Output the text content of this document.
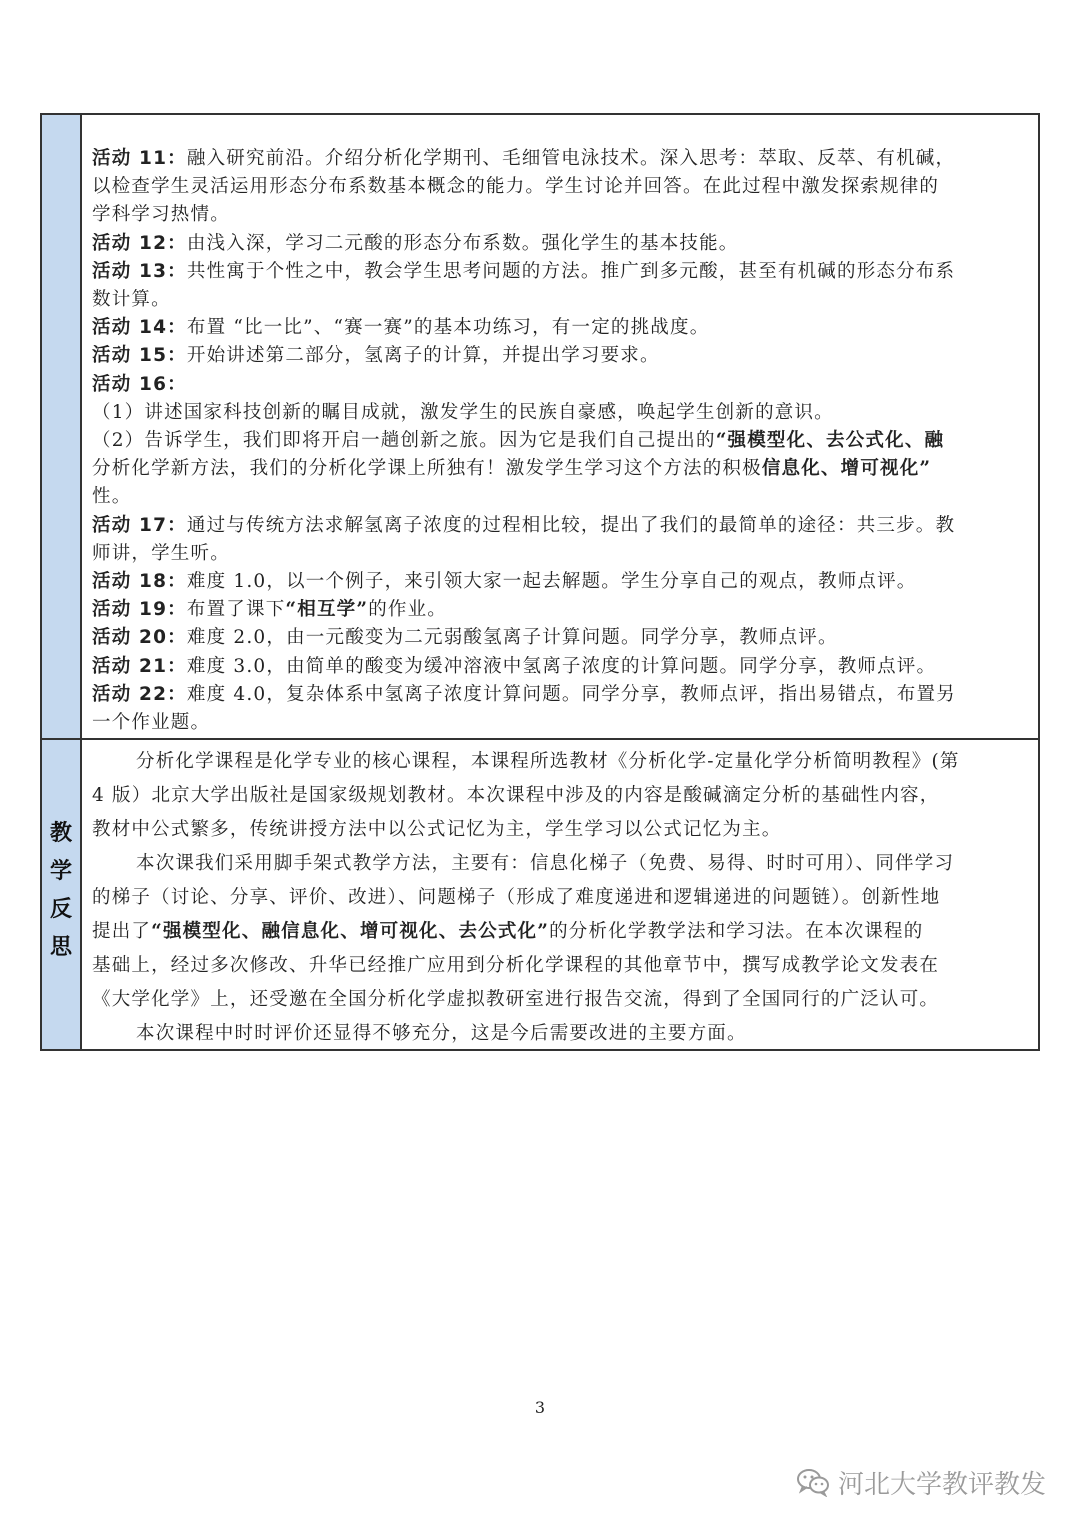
教
学
反
思
活动 11：融入研究前沿。介绍分析化学期刊、毛细管电泳技术。深入思考：萃取、反萃、有机碱，
以检查学生灵活运用形态分布系数基本概念的能力。学生讨论并回答。在此过程中激发探索规律的
学科学习热情。
活动 12：由浅入深，学习二元酸的形态分布系数。强化学生的基本技能。
活动 13：共性寓于个性之中，教会学生思考问题的方法。推广到多元酸，甚至有机碱的形态分布系
数计算。
活动 14：布置 “比一比”、“赛一赛”的基本功练习，有一定的挑战度。
活动 15：开始讲述第二部分，氢离子的计算，并提出学习要求。
活动 16：
（1）讲述国家科技创新的瞩目成就，激发学生的民族自豪感，唤起学生创新的意识。
（2）告诉学生，我们即将开启一趟创新之旅。因为它是我们自己提出的“强模型化、去公式化、融
分析化学新方法，我们的分析化学课上所独有！激发学生学习这个方法的积极信息化、增可视化”
性。
活动 17：通过与传统方法求解氢离子浓度的过程相比较，提出了我们的最简单的途径：共三步。教
师讲，学生听。
活动 18：难度 1.0，以一个例子，来引领大家一起去解题。学生分享自己的观点，教师点评。
活动 19：布置了课下“相互学”的作业。
活动 20：难度 2.0，由一元酸变为二元弱酸氢离子计算问题。同学分享，教师点评。
活动 21：难度 3.0，由简单的酸变为缓冲溶液中氢离子浓度的计算问题。同学分享，教师点评。
活动 22：难度 4.0，复杂体系中氢离子浓度计算问题。同学分享，教师点评，指出易错点，布置另
一个作业题。
分析化学课程是化学专业的核心课程，本课程所选教材《分析化学-定量化学分析简明教程》(第
4 版）北京大学出版社是国家级规划教材。本次课程中涉及的内容是酸碱滴定分析的基础性内容，
教材中公式繁多，传统讲授方法中以公式记忆为主，学生学习以公式记忆为主。
本次课我们采用脚手架式教学方法，主要有：信息化梯子（免费、易得、时时可用）、同伴学习
的梯子（讨论、分享、评价、改进）、问题梯子（形成了难度递进和逻辑递进的问题链）。创新性地
提出了“强模型化、融信息化、增可视化、去公式化”的分析化学教学法和学习法。在本次课程的
基础上，经过多次修改、升华已经推广应用到分析化学课程的其他章节中，撰写成教学论文发表在
《大学化学》上，还受邀在全国分析化学虚拟教研室进行报告交流，得到了全国同行的广泛认可。
本次课程中时时评价还显得不够充分，这是今后需要改进的主要方面。
3
河北大学教评教发
